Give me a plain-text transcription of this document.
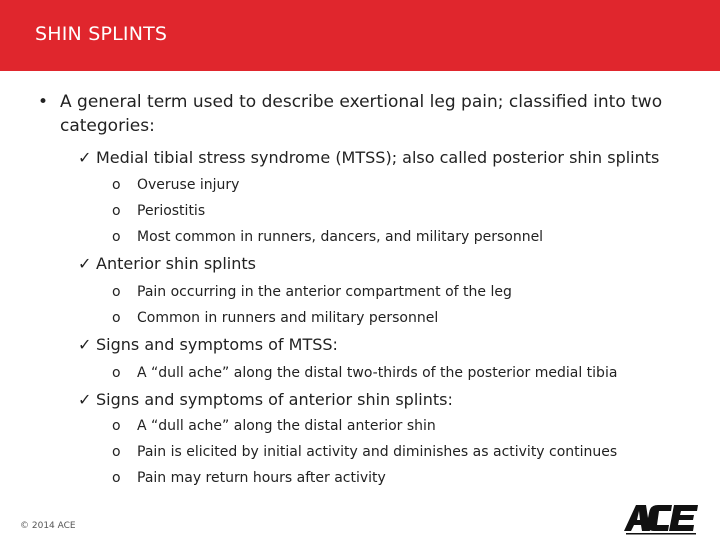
SHIN SPLINTS
• A general term used to describe exertional leg pain; classified into two categories:
✓ Medial tibial stress syndrome (MTSS); also called posterior shin splints
o Overuse injury
o Periostitis
o Most common in runners, dancers, and military personnel
✓ Anterior shin splints
o Pain occurring in the anterior compartment of the leg
o Common in runners and military personnel
✓ Signs and symptoms of MTSS:
o A “dull ache” along the distal two-thirds of the posterior medial tibia
✓ Signs and symptoms of anterior shin splints:
o A “dull ache” along the distal anterior shin
o Pain is elicited by initial activity and diminishes as activity continues
o Pain may return hours after activity
© 2014 ACE
